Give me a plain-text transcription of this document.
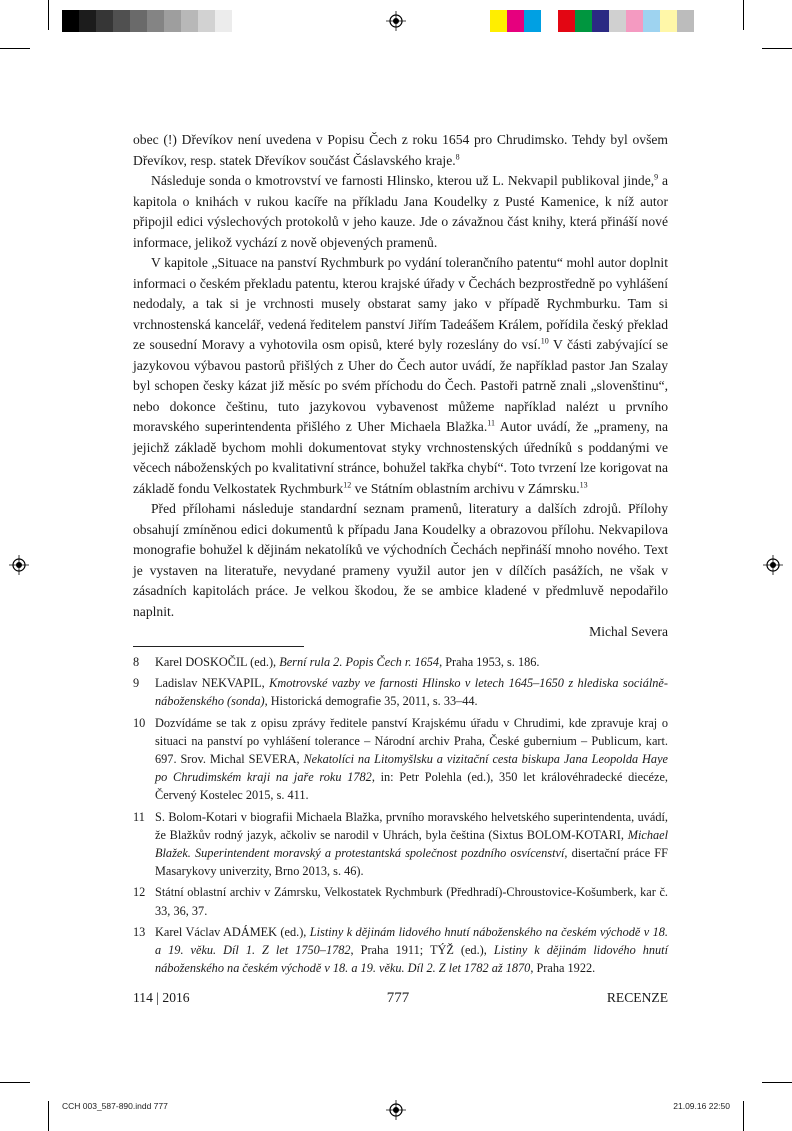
obec (!) Dřevíkov není uvedena v Popisu Čech z roku 1654 pro Chrudimsko. Tehdy byl ovšem Dřevíkov, resp. statek Dřevíkov součást Čáslavského kraje.$^8$

Následuje sonda o kmotrovství ve farnosti Hlinsko, kterou už L. Nekvapil publikoval jinde,$^9$ a kapitola o knihách v rukou kacíře na příkladu Jana Koudelky z Pusté Kamenice, k níž autor připojil edici výslechových protokolů v jeho kauze. Jde o závažnou část knihy, která přináší nové informace, jelikož vychází z nově objevených pramenů.

V kapitole „Situace na panství Rychmburk po vydání tolerančního patentu“ mohl autor doplnit informaci o českém překladu patentu, kterou krajské úřady v Čechách bezprostředně po vyhlášení nedodaly, a tak si je vrchnosti musely obstarat samy jako v případě Rychmburku. Tam si vrchnostenská kancelář, vedená ředitelem panství Jiřím Tadeášem Králem, pořídila český překlad ze sousední Moravy a vyhotovila osm opisů, které byly rozeslány do vsí.$^{10}$ V části zabývající se jazykovou výbavou pastorů přišlých z Uher do Čech autor uvádí, že například pastor Jan Szalay byl schopen česky kázat již měsíc po svém příchodu do Čech. Pastoři patrně znali „slovenštinu“, nebo dokonce češtinu, tuto jazykovou vybavenost můžeme například nalézt u prvního moravského superintendenta přišlého z Uher Michaela Blažka.$^{11}$ Autor uvádí, že „prameny, na jejichž základě bychom mohli dokumentovat styky vrchnostenských úředníků s poddanými ve věcech náboženských po kvalitativní stránce, bohužel takřka chybí“. Toto tvrzení lze korigovat na základě fondu Velkostatek Rychmburk$^{12}$ ve Státním oblastním archivu v Zámrsku.$^{13}$

Před přílohami následuje standardní seznam pramenů, literatury a dalších zdrojů. Přílohy obsahují zmíněnou edici dokumentů k případu Jana Koudelky a obrazovou přílohu. Nekvapilova monografie bohužel k dějinám nekatolíků ve východních Čechách nepřináší mnoho nového. Text je vystaven na literatuře, nevydané prameny využil autor jen v dílčích pasážích, ne však v zásadních kapitolách práce. Je velkou škodou, že se ambice kladené v předmluvě nepodařilo naplnit.

Michal Severa

8	Karel DOSKOČIL (ed.), Berní rula 2. Popis Čech r. 1654, Praha 1953, s. 186.
9	Ladislav NEKVAPIL, Kmotrovské vazby ve farnosti Hlinsko v letech 1645–1650 z hlediska sociálně-náboženského (sonda), Historická demografie 35, 2011, s. 33–44.
10 Dozvídáme se tak z opisu zprávy ředitele panství Krajskému úřadu v Chrudimi, kde zpravuje kraj o situaci na panství po vyhlášení tolerance – Národní archiv Praha, České gubernium – Publicum, kart. 697. Srov. Michal SEVERA, Nekatolíci na Litomyšlsku a vizitační cesta biskupa Jana Leopolda Haye po Chrudimském kraji na jaře roku 1782, in: Petr Polehla (ed.), 350 let královéhradecké diecéze, Červený Kostelec 2015, s. 411.
11 S. Bolom-Kotari v biografii Michaela Blažka, prvního moravského helvetského superintendenta, uvádí, že Blažkův rodný jazyk, ačkoliv se narodil v Uhrách, byla čeština (Sixtus BOLOM-KOTARI, Michael Blažek. Superintendent moravský a protestantská společnost pozdního osvícenství, disertační práce FF Masarykovy univerzity, Brno 2013, s. 46).
12 Státní oblastní archiv v Zámrsku, Velkostatek Rychmburk (Předhradí)-Chroustovice-Košumberk, kar č. 33, 36, 37.
13 Karel Václav ADÁMEK (ed.), Listiny k dějinám lidového hnutí náboženského na českém východě v 18. a 19. věku. Díl 1. Z let 1750–1782, Praha 1911; TÝŽ (ed.), Listiny k dějinám lidového hnutí náboženského na českém východě v 18. a 19. věku. Díl 2. Z let 1782 až 1870, Praha 1922.
114 | 2016	777	RECENZE
CCH 003_587-890.indd 777	21.09.16 22:50
